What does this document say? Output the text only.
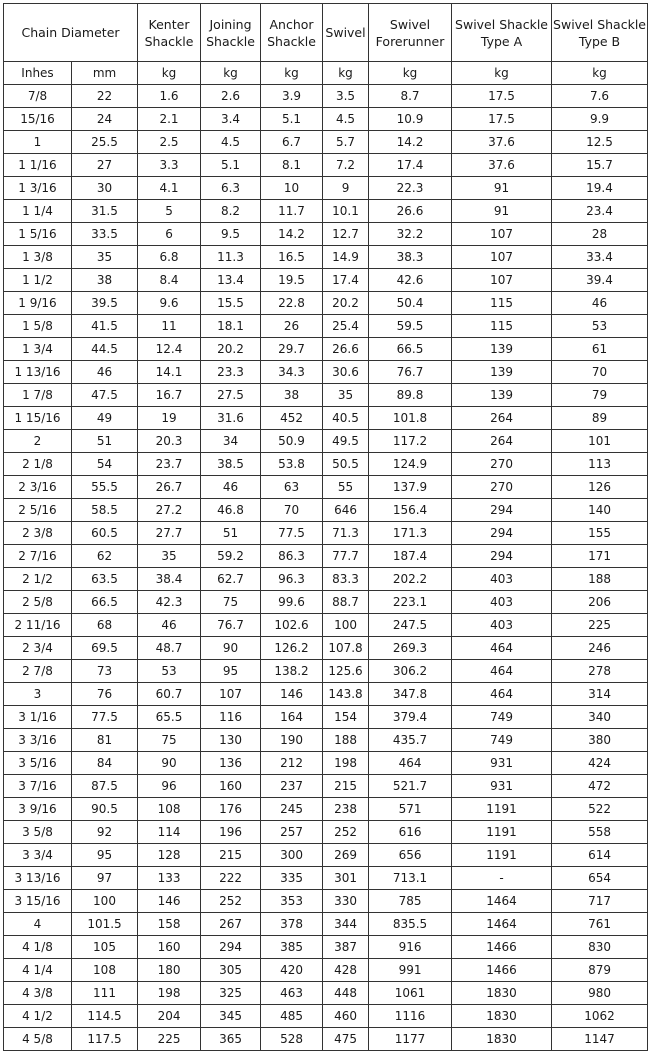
Chain Diameter		Kenter Shackle	Joining Shackle	Anchor Shackle	Swivel	Swivel Forerunner	Swivel Shackle Type A	Swivel Shackle Type B
Inhes	mm	kg	kg	kg	kg	kg	kg	kg
7/8	22	1.6	2.6	3.9	3.5	8.7	17.5	7.6
15/16	24	2.1	3.4	5.1	4.5	10.9	17.5	9.9
1	25.5	2.5	4.5	6.7	5.7	14.2	37.6	12.5
1 1/16	27	3.3	5.1	8.1	7.2	17.4	37.6	15.7
1 3/16	30	4.1	6.3	10	9	22.3	91	19.4
1 1/4	31.5	5	8.2	11.7	10.1	26.6	91	23.4
1 5/16	33.5	6	9.5	14.2	12.7	32.2	107	28
1 3/8	35	6.8	11.3	16.5	14.9	38.3	107	33.4
1 1/2	38	8.4	13.4	19.5	17.4	42.6	107	39.4
1 9/16	39.5	9.6	15.5	22.8	20.2	50.4	115	46
1 5/8	41.5	11	18.1	26	25.4	59.5	115	53
1 3/4	44.5	12.4	20.2	29.7	26.6	66.5	139	61
1 13/16	46	14.1	23.3	34.3	30.6	76.7	139	70
1 7/8	47.5	16.7	27.5	38	35	89.8	139	79
1 15/16	49	19	31.6	452	40.5	101.8	264	89
2	51	20.3	34	50.9	49.5	117.2	264	101
2 1/8	54	23.7	38.5	53.8	50.5	124.9	270	113
2 3/16	55.5	26.7	46	63	55	137.9	270	126
2 5/16	58.5	27.2	46.8	70	646	156.4	294	140
2 3/8	60.5	27.7	51	77.5	71.3	171.3	294	155
2 7/16	62	35	59.2	86.3	77.7	187.4	294	171
2 1/2	63.5	38.4	62.7	96.3	83.3	202.2	403	188
2 5/8	66.5	42.3	75	99.6	88.7	223.1	403	206
2 11/16	68	46	76.7	102.6	100	247.5	403	225
2 3/4	69.5	48.7	90	126.2	107.8	269.3	464	246
2 7/8	73	53	95	138.2	125.6	306.2	464	278
3	76	60.7	107	146	143.8	347.8	464	314
3 1/16	77.5	65.5	116	164	154	379.4	749	340
3 3/16	81	75	130	190	188	435.7	749	380
3 5/16	84	90	136	212	198	464	931	424
3 7/16	87.5	96	160	237	215	521.7	931	472
3 9/16	90.5	108	176	245	238	571	1191	522
3 5/8	92	114	196	257	252	616	1191	558
3 3/4	95	128	215	300	269	656	1191	614
3 13/16	97	133	222	335	301	713.1	-	654
3 15/16	100	146	252	353	330	785	1464	717
4	101.5	158	267	378	344	835.5	1464	761
4 1/8	105	160	294	385	387	916	1466	830
4 1/4	108	180	305	420	428	991	1466	879
4 3/8	111	198	325	463	448	1061	1830	980
4 1/2	114.5	204	345	485	460	1116	1830	1062
4 5/8	117.5	225	365	528	475	1177	1830	1147
